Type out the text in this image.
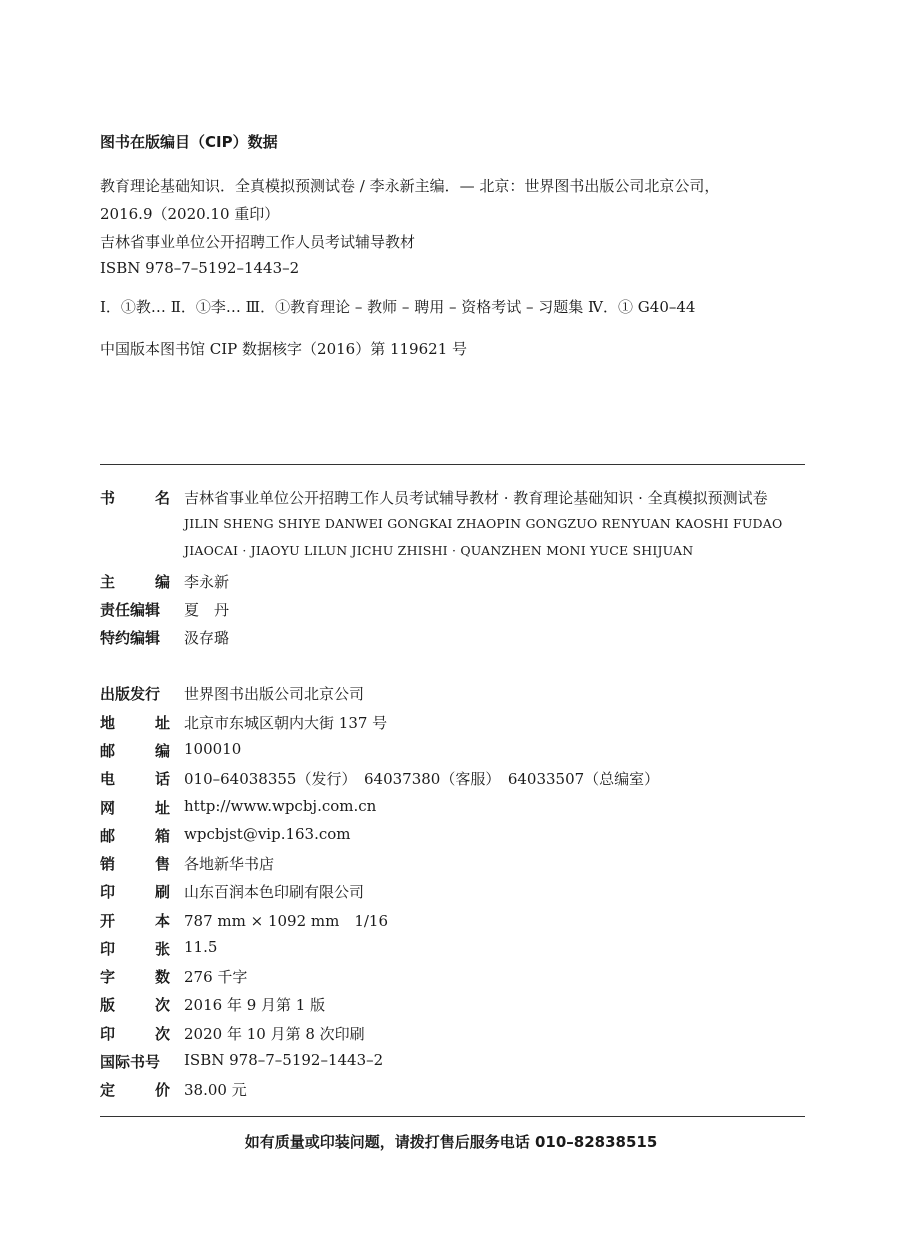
图书在版编目（CIP）数据
教育理论基础知识．全真模拟预测试卷 / 李永新主编．— 北京：世界图书出版公司北京公司，
2016.9（2020.10 重印）
吉林省事业单位公开招聘工作人员考试辅导教材
ISBN 978–7–5192–1443–2
Ⅰ．①教… Ⅱ．①李… Ⅲ．①教育理论 – 教师 – 聘用 – 资格考试 – 习题集 Ⅳ．① G40–44
中国版本图书馆 CIP 数据核字（2016）第 119621 号
书	名 吉林省事业单位公开招聘工作人员考试辅导教材 · 教育理论基础知识 · 全真模拟预测试卷
JILIN SHENG SHIYE DANWEI GONGKAI ZHAOPIN GONGZUO RENYUAN KAOSHI FUDAO
JIAOCAI · JIAOYU LILUN JICHU ZHISHI · QUANZHEN MONI YUCE SHIJUAN
主	编 李永新
责任编辑 夏　丹
特约编辑 汲存璐
出版发行 世界图书出版公司北京公司
地	址 北京市东城区朝内大街 137 号
邮	编 100010
电	话 010–64038355（发行）　64037380（客服）　64033507（总编室）
网	址 http://www.wpcbj.com.cn
邮	箱 wpcbjst@vip.163.com
销	售 各地新华书店
印	刷 山东百润本色印刷有限公司
开	本 787 mm × 1092 mm　1/16
印	张 11.5
字	数 276 千字
版	次 2016 年 9 月第 1 版
印	次 2020 年 10 月第 8 次印刷
国际书号 ISBN 978–7–5192–1443–2
定	价 38.00 元
如有质量或印装问题，请拨打售后服务电话 010–82838515
